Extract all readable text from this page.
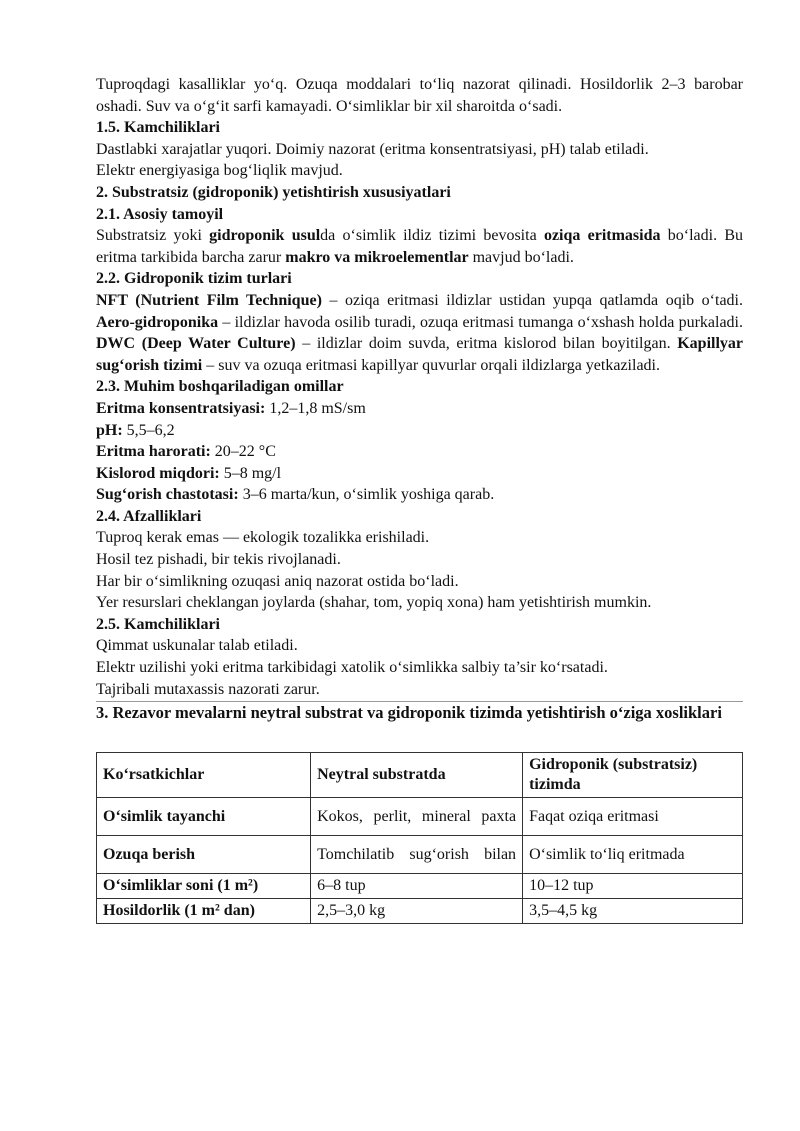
Tuproqdagi kasalliklar yo‘q. Ozuqa moddalari to‘liq nazorat qilinadi. Hosildorlik 2–3 barobar oshadi. Suv va o‘g‘it sarfi kamayadi. O‘simliklar bir xil sharoitda o‘sadi.

1.5. Kamchiliklari

Dastlabki xarajatlar yuqori. Doimiy nazorat (eritma konsentratsiyasi, pH) talab etiladi.

Elektr energiyasiga bog‘liqlik mavjud.

2. Substratsiz (gidroponik) yetishtirish xususiyatlari

2.1. Asosiy tamoyil

Substratsiz yoki gidroponik usulda o‘simlik ildiz tizimi bevosita oziqa eritmasida bo‘ladi. Bu eritma tarkibida barcha zarur makro va mikroelementlar mavjud bo‘ladi.

2.2. Gidroponik tizim turlari

NFT (Nutrient Film Technique) – oziqa eritmasi ildizlar ustidan yupqa qatlamda oqib o‘tadi. Aero-gidroponika – ildizlar havoda osilib turadi, ozuqa eritmasi tumanga o‘xshash holda purkaladi. DWC (Deep Water Culture) – ildizlar doim suvda, eritma kislorod bilan boyitilgan. Kapillyar sug‘orish tizimi – suv va ozuqa eritmasi kapillyar quvurlar orqali ildizlarga yetkaziladi.

2.3. Muhim boshqariladigan omillar

Eritma konsentratsiyasi: 1,2–1,8 mS/sm

pH: 5,5–6,2

Eritma harorati: 20–22 °C

Kislorod miqdori: 5–8 mg/l

Sug‘orish chastotasi: 3–6 marta/kun, o‘simlik yoshiga qarab.

2.4. Afzalliklari

Tuproq kerak emas — ekologik tozalikka erishiladi.

Hosil tez pishadi, bir tekis rivojlanadi.

Har bir o‘simlikning ozuqasi aniq nazorat ostida bo‘ladi.

Yer resurslari cheklangan joylarda (shahar, tom, yopiq xona) ham yetishtirish mumkin.

2.5. Kamchiliklari

Qimmat uskunalar talab etiladi.

Elektr uzilishi yoki eritma tarkibidagi xatolik o‘simlikka salbiy ta’sir ko‘rsatadi.

Tajribali mutaxassis nazorati zarur.

3. Rezavor mevalarni neytral substrat va gidroponik tizimda yetishtirish o‘ziga xosliklari

Ko‘rsatkichlar	Neytral substratda	Gidroponik (substratsiz) tizimda
O‘simlik tayanchi	Kokos, perlit, mineral paxta	Faqat oziqa eritmasi
Ozuqa berish	Tomchilatib sug‘orish bilan	O‘simlik to‘liq eritmada
O‘simliklar soni (1 m²)	6–8 tup	10–12 tup
Hosildorlik (1 m² dan)	2,5–3,0 kg	3,5–4,5 kg
